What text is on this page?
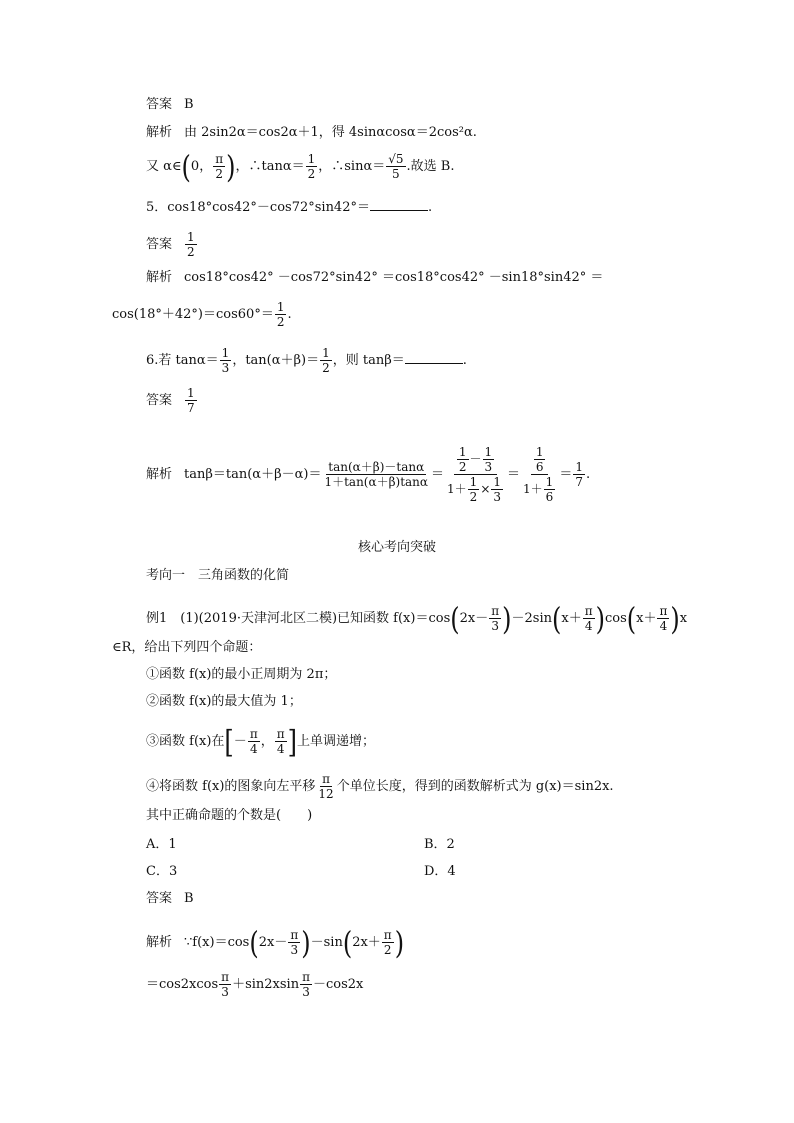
答案 B
解析 由 2sin2α＝cos2α＋1，得 4sinαcosα＝2cos²α.
又 α∈(0， $\frac{\pi}{2}$ )，∴tanα＝ $\frac{1}{2}$ ，∴sinα＝ $\frac{√5}{5}$ .故选 B.
5．cos18°cos42°－cos72°sin42°＝	.
答案 $\frac{1}{2}$
解析 cos18°cos42° －cos72°sin42° ＝cos18°cos42° －sin18°sin42° ＝
$\cos(18^\circ+42^\circ)=\cos 60^\circ= \frac{1}{2}$ .
6.若 $\tan\alpha= \frac{1}{3}$ ，$\tan(\alpha+\beta)= \frac{1}{2}$ ，则 tanβ＝	.
答案 $\frac{1}{7}$
解析 $\tan\beta=\tan(\alpha+\beta-\alpha)= \frac{\tan(\alpha+\beta)-\tan\alpha}{1+\tan(\alpha+\beta)\tan\alpha} = \frac{\frac{1}{2} - \frac{1}{3}}{1+ \frac{1}{2} \times \frac{1}{3}} = \frac{\frac{1}{6}}{1+ \frac{1}{6}} = \frac{1}{7}$ .
核心考向突破
考向一　三角函数的化简
例1　(1)(2019·天津河北区二模)已知函数 $f(x)=\cos(2x- \frac{\pi}{3} )-2\sin(x+ \frac{\pi}{4} )\cos(x+ \frac{\pi}{4} )x$
∈R，给出下列四个命题：
①函数 f(x)的最小正周期为 2π；
②函数 f(x)的最大值为 1；
③函数 f(x)在[－ $\frac{\pi}{4}$ ， $\frac{\pi}{4}$ ]上单调递增；
④将函数 f(x)的图象向左平移 $\frac{\pi}{12}$ 个单位长度，得到的函数解析式为 g(x)＝sin2x.
其中正确命题的个数是(　　)
A．1	B．2
C．3	D．4
答案 B
解析 ∵f(x)＝cos(2x－ $\frac{\pi}{3} )-\sin(2x+ \frac{\pi}{2}$ )
$=\cos 2xcos \frac{\pi}{3} +\sin 2xsin \frac{\pi}{3} -\cos 2x$
